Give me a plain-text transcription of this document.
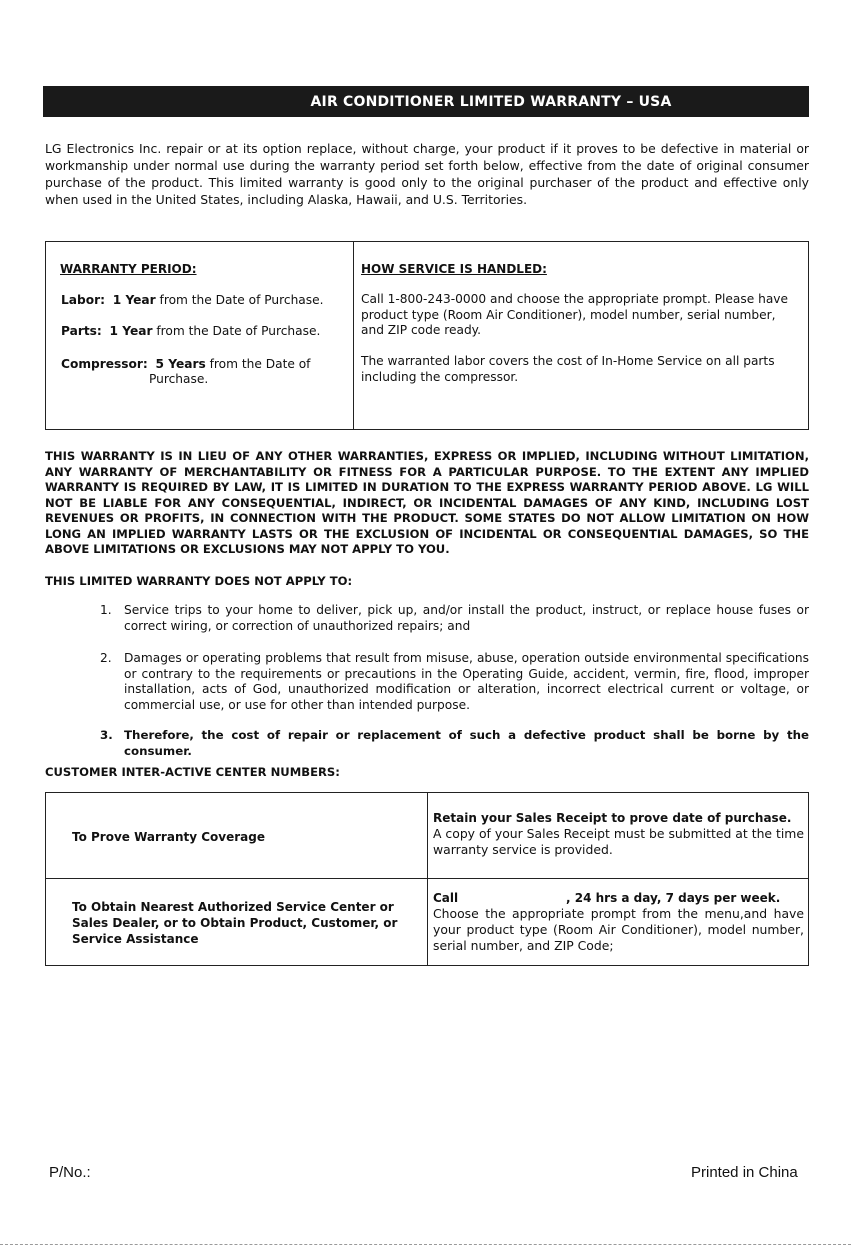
AIR CONDITIONER LIMITED WARRANTY – USA
LG Electronics Inc. repair or at its option replace, without charge, your product if it proves to be defective in material or workmanship under normal use during the warranty period set forth below, effective from the date of original consumer purchase of the product. This limited warranty is good only to the original purchaser of the product and effective only when used in the United States, including Alaska, Hawaii, and U.S. Territories.
WARRANTY PERIOD:
Labor: 1 Year from the Date of Purchase.
Parts: 1 Year from the Date of Purchase.
Compressor: 5 Years from the Date of
Purchase.
HOW SERVICE IS HANDLED:
Call 1-800-243-0000 and choose the appropriate prompt. Please have product type (Room Air Conditioner), model number, serial number, and ZIP code ready.
The warranted labor covers the cost of In-Home Service on all parts including the compressor.
THIS WARRANTY IS IN LIEU OF ANY OTHER WARRANTIES, EXPRESS OR IMPLIED, INCLUDING WITHOUT LIMITATION, ANY WARRANTY OF MERCHANTABILITY OR FITNESS FOR A PARTICULAR PURPOSE. TO THE EXTENT ANY IMPLIED WARRANTY IS REQUIRED BY LAW, IT IS LIMITED IN DURATION TO THE EXPRESS WARRANTY PERIOD ABOVE. LG WILL NOT BE LIABLE FOR ANY CONSEQUENTIAL, INDIRECT, OR INCIDENTAL DAMAGES OF ANY KIND, INCLUDING LOST REVENUES OR PROFITS, IN CONNECTION WITH THE PRODUCT. SOME STATES DO NOT ALLOW LIMITATION ON HOW LONG AN IMPLIED WARRANTY LASTS OR THE EXCLUSION OF INCIDENTAL OR CONSEQUENTIAL DAMAGES, SO THE ABOVE LIMITATIONS OR EXCLUSIONS MAY NOT APPLY TO YOU.
THIS LIMITED WARRANTY DOES NOT APPLY TO:
1. Service trips to your home to deliver, pick up, and/or install the product, instruct, or replace house fuses or correct wiring, or correction of unauthorized repairs; and
2. Damages or operating problems that result from misuse, abuse, operation outside environmental specifications or contrary to the requirements or precautions in the Operating Guide, accident, vermin, fire, flood, improper installation, acts of God, unauthorized modification or alteration, incorrect electrical current or voltage, or commercial use, or use for other than intended purpose.
3. Therefore, the cost of repair or replacement of such a defective product shall be borne by the consumer.
CUSTOMER INTER-ACTIVE CENTER NUMBERS:
To Prove Warranty Coverage
Retain your Sales Receipt to prove date of purchase.
A copy of your Sales Receipt must be submitted at the time warranty service is provided.
To Obtain Nearest Authorized Service Center or Sales Dealer, or to Obtain Product, Customer, or Service Assistance
Call	, 24 hrs a day, 7 days per week.
Choose the appropriate prompt from the menu,and have your product type (Room Air Conditioner), model number, serial number, and ZIP Code;
P/No.:	Printed in China
